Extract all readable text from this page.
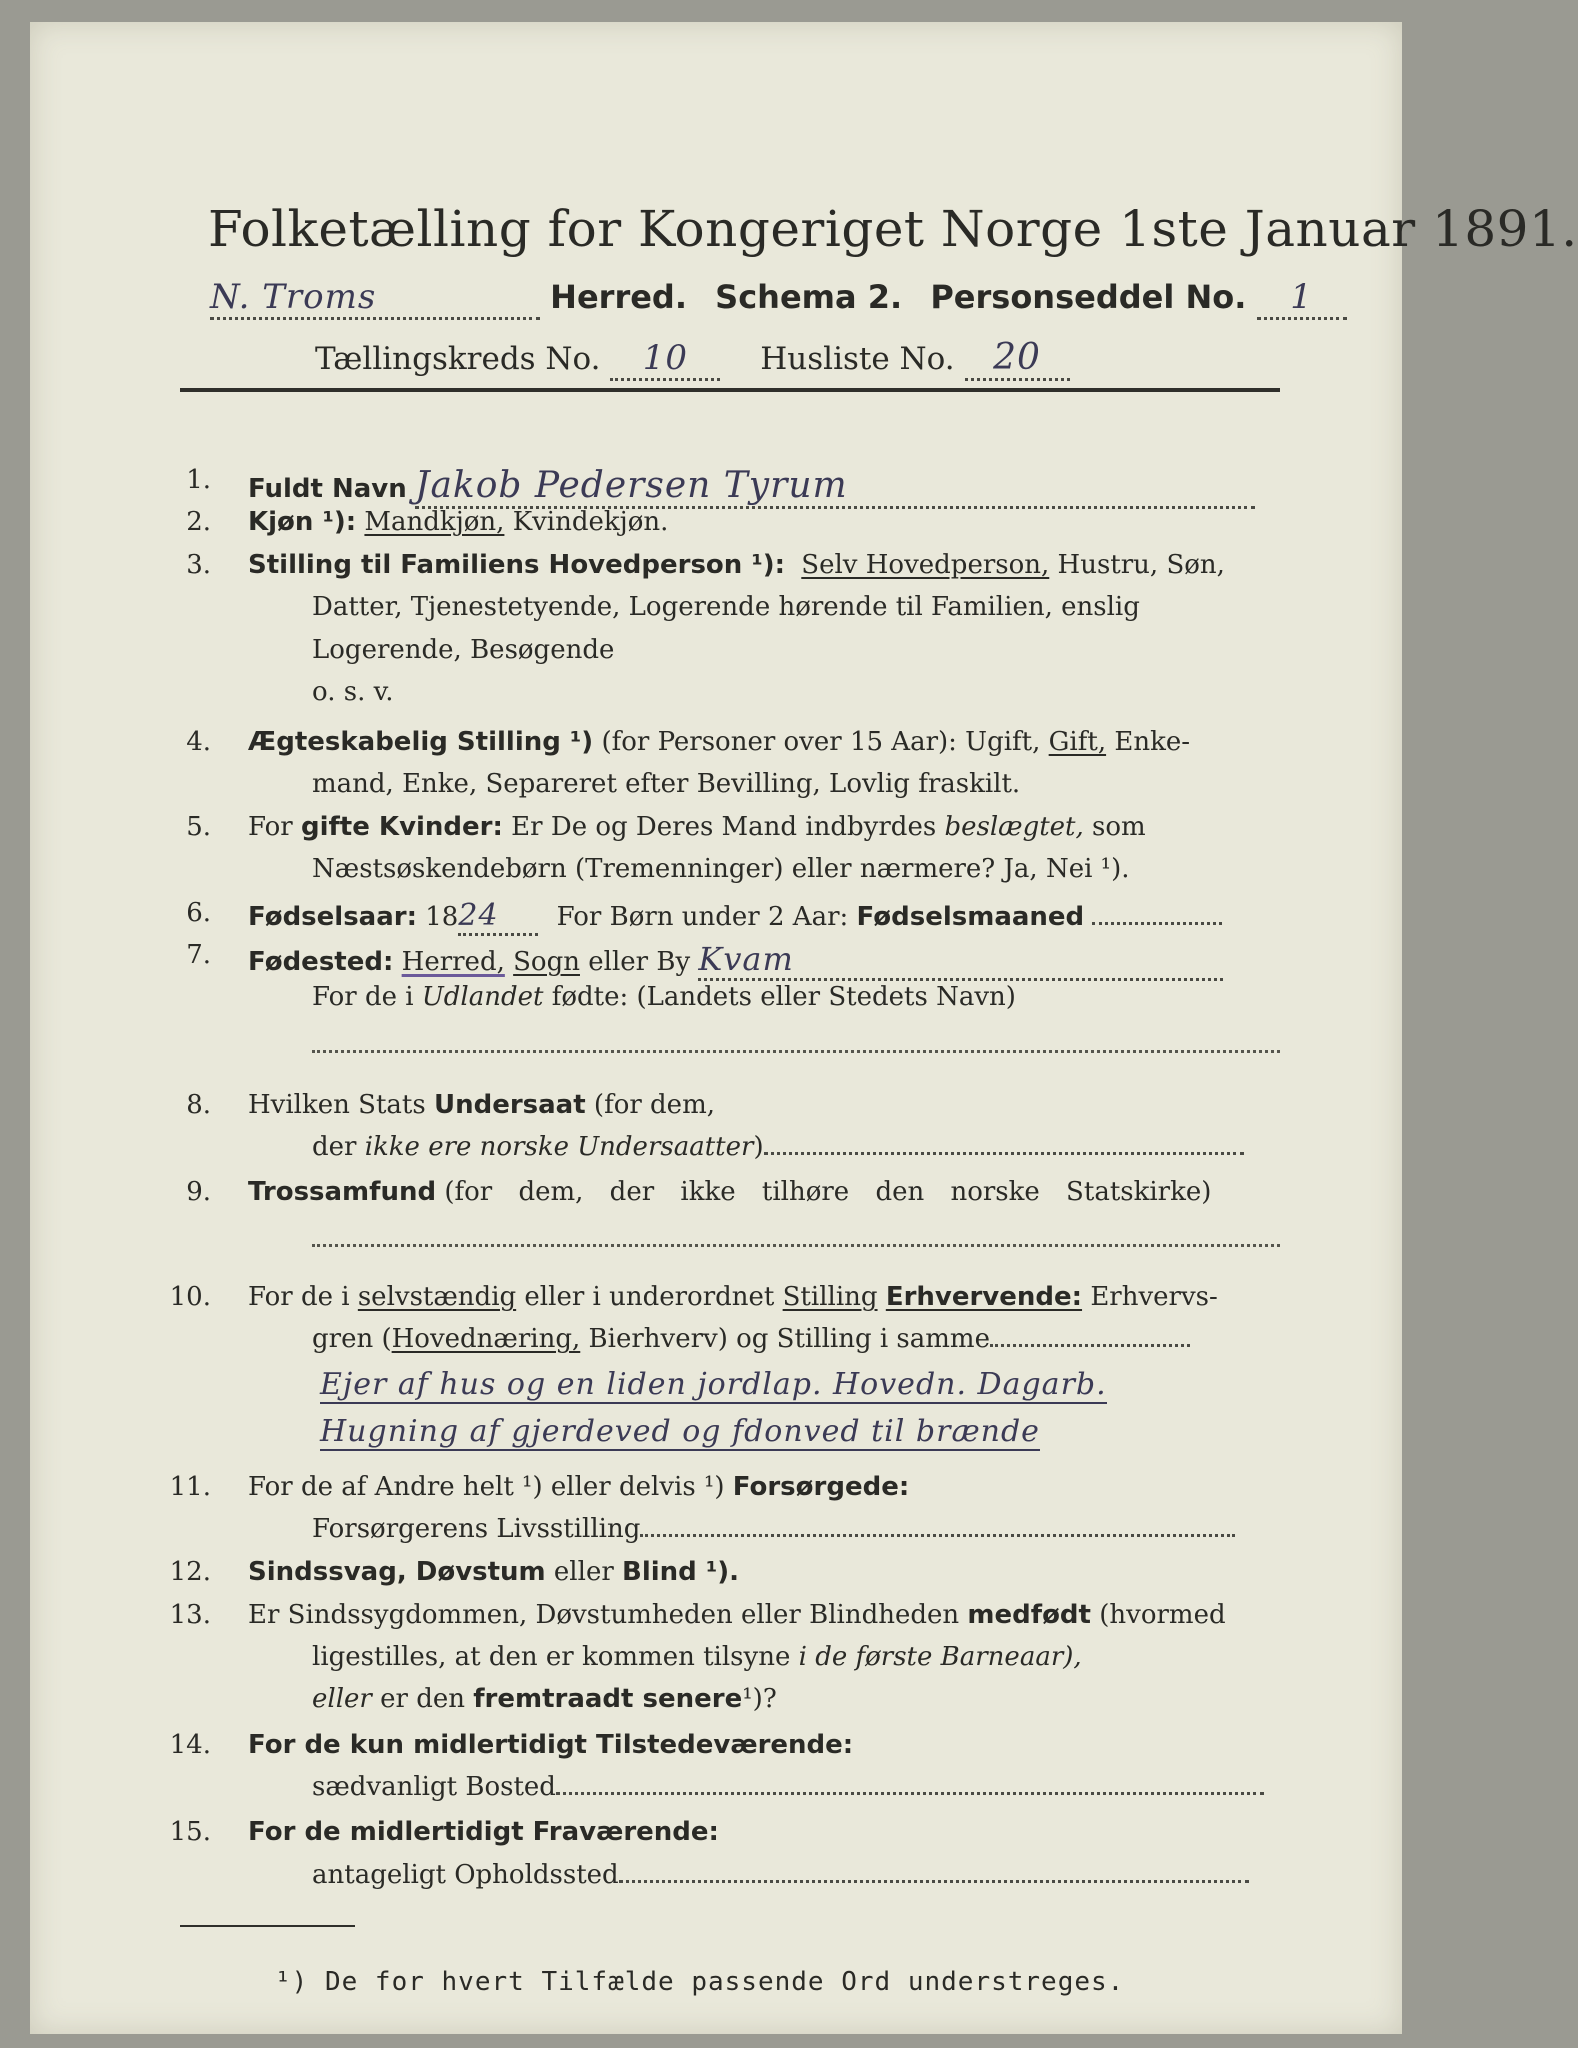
Folketælling for Kongeriget Norge 1ste Januar 1891.
N. Troms	Herred. Schema 2. Personseddel No. 1
Tællingskreds No. 10 Husliste No. 20
1. Fuldt Navn Jakob Pedersen Tyrum
2. Kjøn ¹): Mandkjøn, Kvindekjøn.
3. Stilling til Familiens Hovedperson ¹): Selv Hovedperson, Hustru, Søn,
Datter, Tjenestetyende, Logerende hørende til Familien, enslig
Logerende, Besøgende
o. s. v.
4. Ægteskabelig Stilling ¹) (for Personer over 15 Aar): Ugift, Gift, Enke-
mand, Enke, Separeret efter Bevilling, Lovlig fraskilt.
5. For gifte Kvinder: Er De og Deres Mand indbyrdes beslægtet, som
Næstsøskendebørn (Tremenninger) eller nærmere? Ja, Nei ¹).
6. Fødselsaar: 1824 For Børn under 2 Aar: Fødselsmaaned
7. Fødested: Herred, Sogn eller By Kvam
For de i Udlandet fødte: (Landets eller Stedets Navn)
8. Hvilken Stats Undersaat (for dem,
der ikke ere norske Undersaatter)
9. Trossamfund (for dem, der ikke tilhøre den norske Statskirke)
10. For de i selvstændig eller i underordnet Stilling Erhvervende: Erhvervs-
gren (Hovednæring, Bierhverv) og Stilling i samme
Ejer af hus og en liden jordlap. Hovedn. Dagarb.
Hugning af gjerdeved og fdonved til brænde
11. For de af Andre helt ¹) eller delvis ¹) Forsørgede:
Forsørgerens Livsstilling
12. Sindssvag, Døvstum eller Blind ¹).
13. Er Sindssygdommen, Døvstumheden eller Blindheden medfødt (hvormed
ligestilles, at den er kommen tilsyne i de første Barneaar),
eller er den fremtraadt senere¹)?
14. For de kun midlertidigt Tilstedeværende:
sædvanligt Bosted
15. For de midlertidigt Fraværende:
antageligt Opholdssted
¹) De for hvert Tilfælde passende Ord understreges.
